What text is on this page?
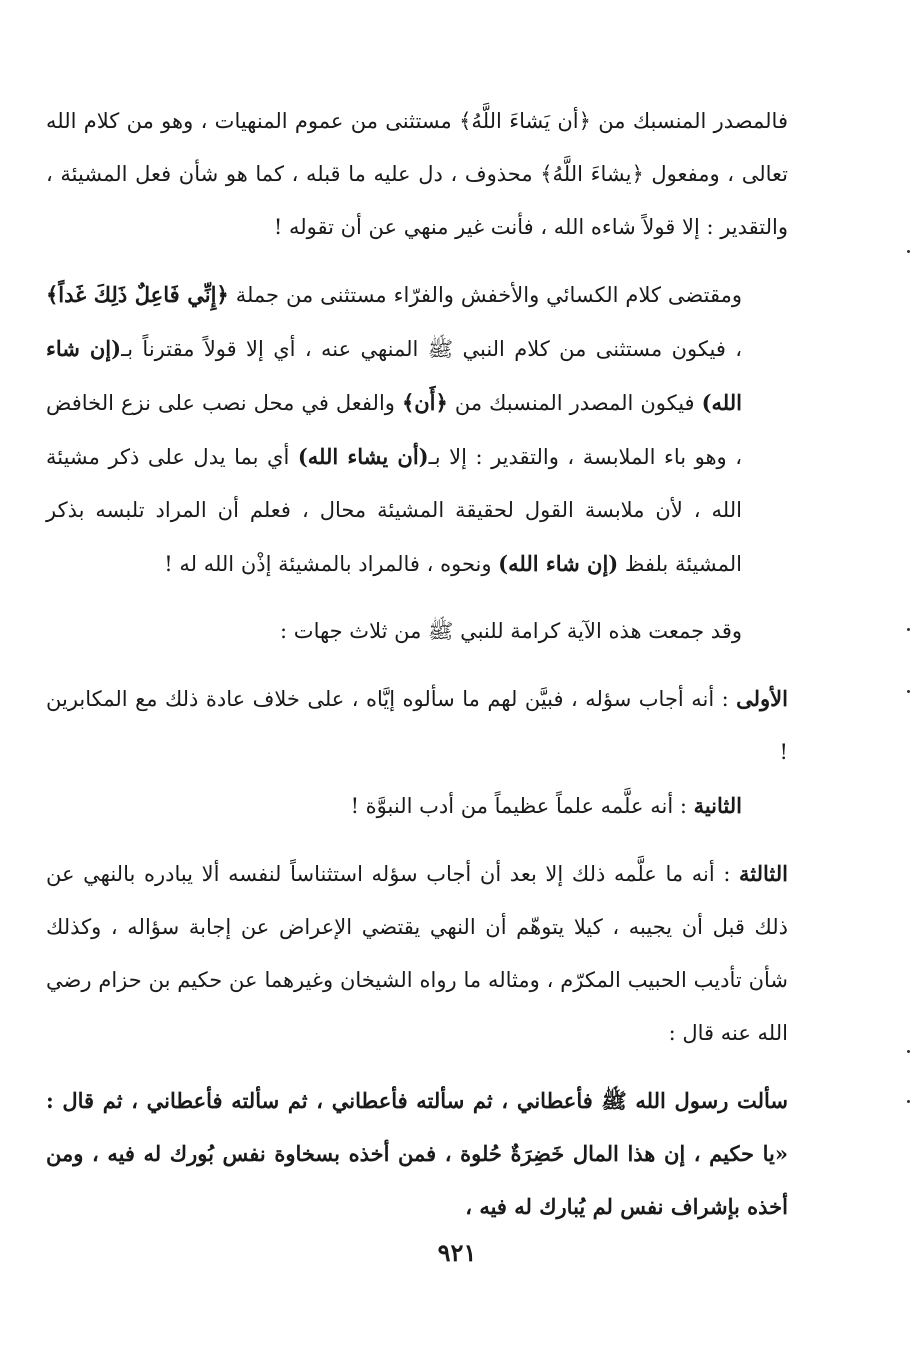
فالمصدر المنسبك من ﴿أن يَشاءَ اللَّهُ﴾ مستثنى من عموم المنهيات ، وهو من كلام الله تعالى ، ومفعول ﴿يشاءَ اللَّهُ﴾ محذوف ، دل عليه ما قبله ، كما هو شأن فعل المشيئة ، والتقدير : إلا قولاً شاءه الله ، فأنت غير منهي عن أن تقوله !

ومقتضى كلام الكسائي والأخفش والفرّاء مستثنى من جملة ﴿إِنِّي فَاعِلٌ ذَلِكَ غَداً﴾ ، فيكون مستثنى من كلام النبي ﷺ المنهي عنه ، أي إلا قولاً مقترناً بـ(إن شاء الله) فيكون المصدر المنسبك من ﴿أَن﴾ والفعل في محل نصب على نزع الخافض ، وهو باء الملابسة ، والتقدير : إلا بـ(أن يشاء الله) أي بما يدل على ذكر مشيئة الله ، لأن ملابسة القول لحقيقة المشيئة محال ، فعلم أن المراد تلبسه بذكر المشيئة بلفظ (إن شاء الله) ونحوه ، فالمراد بالمشيئة إذْن الله له !

وقد جمعت هذه الآية كرامة للنبي ﷺ من ثلاث جهات :

الأولى : أنه أجاب سؤله ، فبيَّن لهم ما سألوه إيَّاه ، على خلاف عادة ذلك مع المكابرين !

الثانية : أنه علَّمه علماً عظيماً من أدب النبوَّة !

الثالثة : أنه ما علَّمه ذلك إلا بعد أن أجاب سؤله استثناساً لنفسه ألا يبادره بالنهي عن ذلك قبل أن يجيبه ، كيلا يتوهّم أن النهي يقتضي الإعراض عن إجابة سؤاله ، وكذلك شأن تأديب الحبيب المكرّم ، ومثاله ما رواه الشيخان وغيرهما عن حكيم بن حزام رضي الله عنه قال :

سألت رسول الله ﷺ فأعطاني ، ثم سألته فأعطاني ، ثم سألته فأعطاني ، ثم قال : «يا حكيم ، إن هذا المال خَضِرَةٌ حُلوة ، فمن أخذه بسخاوة نفس بُورك له فيه ، ومن أخذه بإشراف نفس لم يُبارك له فيه ،

٩٢١
